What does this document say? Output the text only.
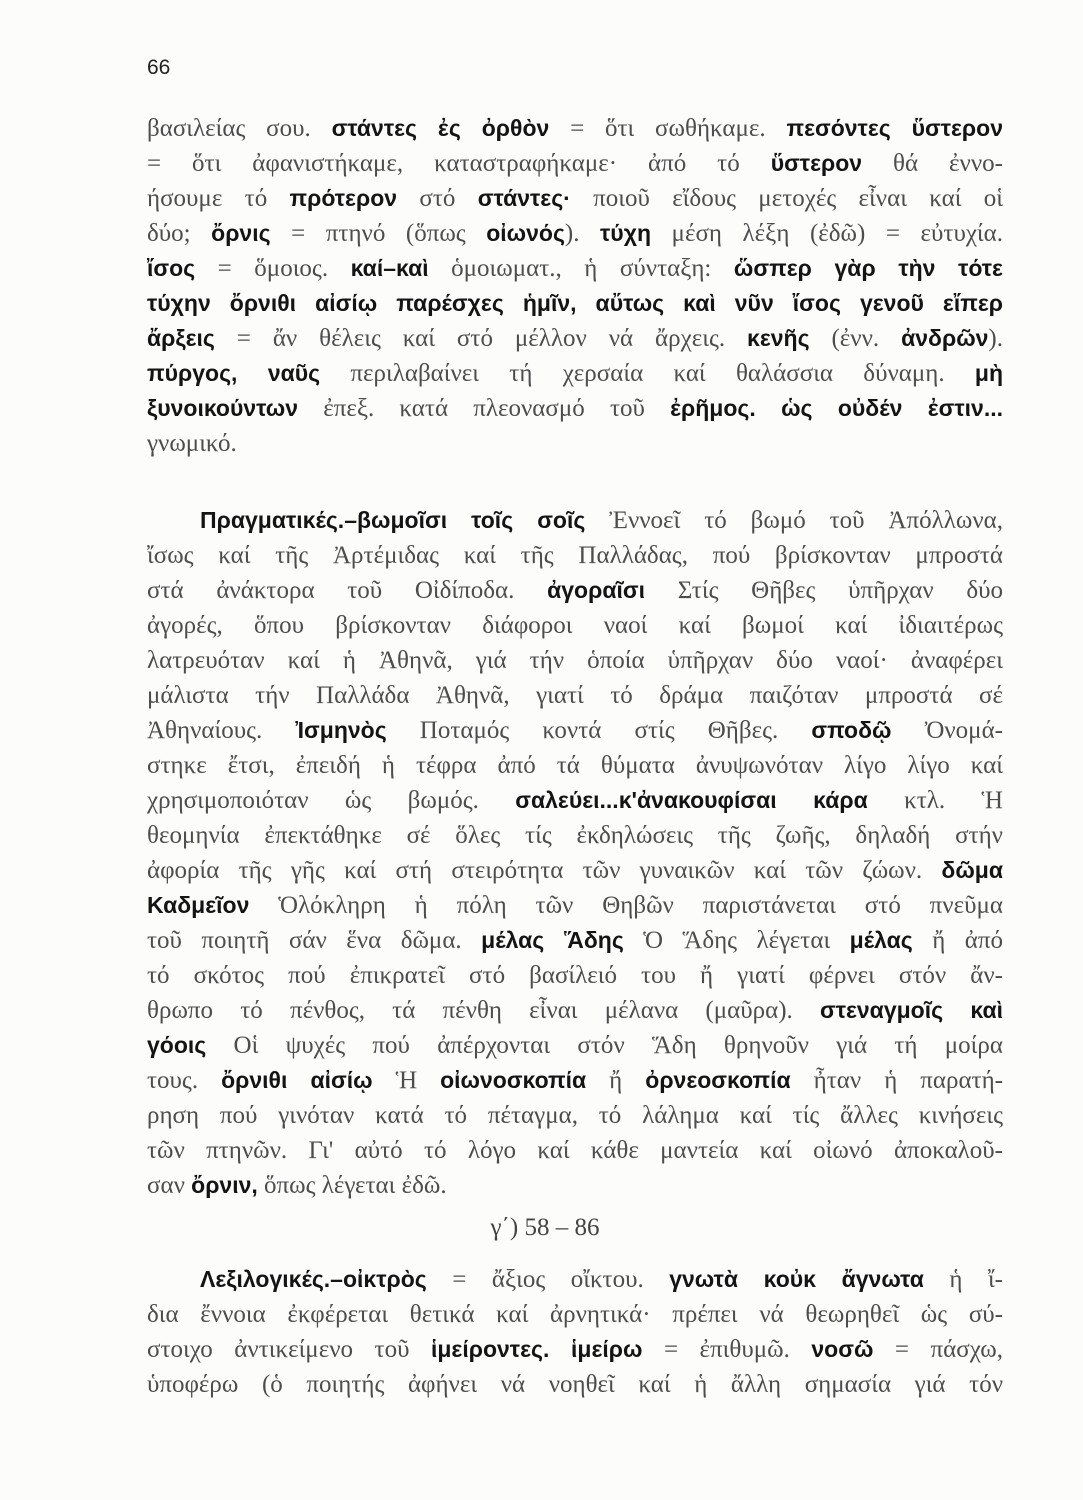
66
βασιλείας σου. στάντες ἐς ὀρθὸν = ὅτι σωθήκαμε. πεσόντες ὕστερον
= ὅτι ἀφανιστήκαμε, καταστραφήκαμε· ἀπό τό ὕστερον θά ἐννο-
ήσουμε τό πρότερον στό στάντες· ποιοῦ εἴδους μετοχές εἶναι καί οἱ
δύο; ὄρνις = πτηνό (ὅπως οἰωνός). τύχη μέση λέξη (ἐδῶ) = εὐτυχία.
ἴσος = ὅμοιος. καί–καὶ ὁμοιωματ., ἡ σύνταξη: ὥσπερ γὰρ τὴν τότε
τύχην ὄρνιθι αἰσίῳ παρέσχες ἡμῖν, αὔτως καὶ νῦν ἴσος γενοῦ εἴπερ
ἄρξεις = ἄν θέλεις καί στό μέλλον νά ἄρχεις. κενῆς (ἐνν. ἀνδρῶν).
πύργος, ναῦς περιλαβαίνει τή χερσαία καί θαλάσσια δύναμη. μὴ
ξυνοικούντων ἐπεξ. κατά πλεονασμό τοῦ ἐρῆμος. ὡς οὐδέν ἐστιν...
γνωμικό.
Πραγματικές.–βωμοῖσι τοῖς σοῖς Ἐννοεῖ τό βωμό τοῦ Ἀπόλλωνα,
ἴσως καί τῆς Ἀρτέμιδας καί τῆς Παλλάδας, πού βρίσκονταν μπροστά
στά ἀνάκτορα τοῦ Οἰδίποδα. ἀγοραῖσι Στίς Θῆβες ὑπῆρχαν δύο
ἀγορές, ὅπου βρίσκονταν διάφοροι ναοί καί βωμοί καί ἰδιαιτέρως
λατρευόταν καί ἡ Ἀθηνᾶ, γιά τήν ὁποία ὑπῆρχαν δύο ναοί· ἀναφέρει
μάλιστα τήν Παλλάδα Ἀθηνᾶ, γιατί τό δράμα παιζόταν μπροστά σέ
Ἀθηναίους. Ἰσμηνὸς Ποταμός κοντά στίς Θῆβες. σποδῷ Ὀνομά-
στηκε ἔτσι, ἐπειδή ἡ τέφρα ἀπό τά θύματα ἀνυψωνόταν λίγο λίγο καί
χρησιμοποιόταν ὡς βωμός. σαλεύει...κ'ἀνακουφίσαι κάρα κτλ. Ἡ
θεομηνία ἐπεκτάθηκε σέ ὅλες τίς ἐκδηλώσεις τῆς ζωῆς, δηλαδή στήν
ἀφορία τῆς γῆς καί στή στειρότητα τῶν γυναικῶν καί τῶν ζώων. δῶμα
Καδμεῖον Ὁλόκληρη ἡ πόλη τῶν Θηβῶν παριστάνεται στό πνεῦμα
τοῦ ποιητῆ σάν ἕνα δῶμα. μέλας Ἅδης Ὁ Ἅδης λέγεται μέλας ἤ ἀπό
τό σκότος πού ἐπικρατεῖ στό βασίλειό του ἤ γιατί φέρνει στόν ἄν-
θρωπο τό πένθος, τά πένθη εἶναι μέλανα (μαῦρα). στεναγμοῖς καὶ
γόοις Οἱ ψυχές πού ἀπέρχονται στόν Ἅδη θρηνοῦν γιά τή μοίρα
τους. ὄρνιθι αἰσίῳ Ἡ οἰωνοσκοπία ἤ ὀρνεοσκοπία ἦταν ἡ παρατή-
ρηση πού γινόταν κατά τό πέταγμα, τό λάλημα καί τίς ἄλλες κινήσεις
τῶν πτηνῶν. Γι' αὐτό τό λόγο καί κάθε μαντεία καί οἰωνό ἀποκαλοῦ-
σαν ὄρνιν, ὅπως λέγεται ἐδῶ.
γ΄) 58 – 86
Λεξιλογικές.–οἰκτρὸς = ἄξιος οἴκτου. γνωτὰ κοὐκ ἄγνωτα ἡ ἴ-
δια ἔννοια ἐκφέρεται θετικά καί ἀρνητικά· πρέπει νά θεωρηθεῖ ὡς σύ-
στοιχο ἀντικείμενο τοῦ ἱμείροντες. ἱμείρω = ἐπιθυμῶ. νοσῶ = πάσχω,
ὑποφέρω (ὁ ποιητής ἀφήνει νά νοηθεῖ καί ἡ ἄλλη σημασία γιά τόν
